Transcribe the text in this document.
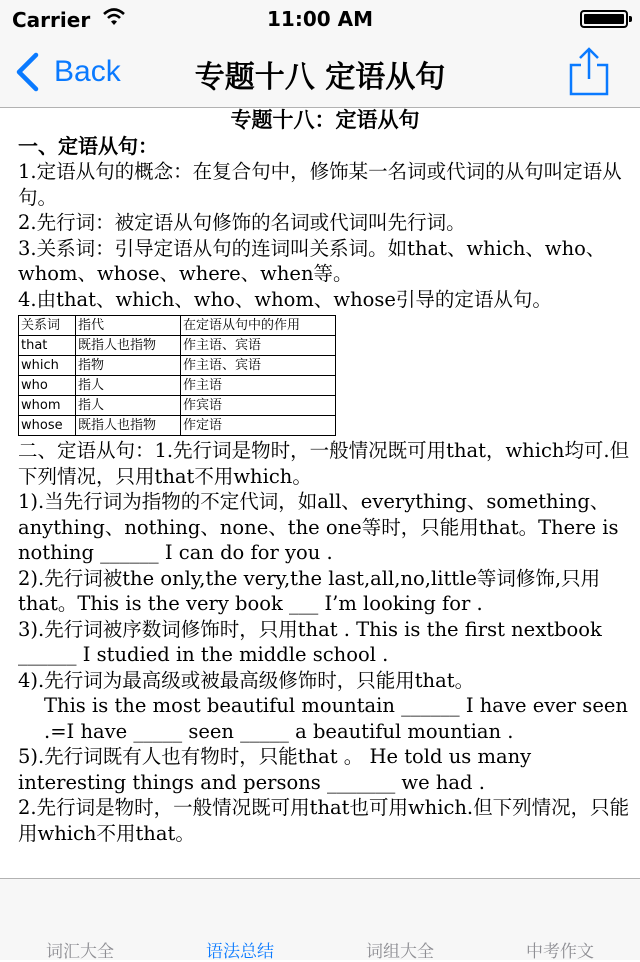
Carrier	11:00 AM
Back	专题十八 定语从句
专题十八：定语从句
一、定语从句：

1.定语从句的概念：在复合句中，修饰某一名词或代词的从句叫定语从句。

2.先行词：被定语从句修饰的名词或代词叫先行词。

3.关系词：引导定语从句的连词叫关系词。如that、which、who、whom、whose、where、when等。

4.由that、which、who、whom、whose引导的定语从句。

关系词	指代	在定语从句中的作用
that	既指人也指物	作主语、宾语
which	指物	作主语、宾语
who	指人	作主语
whom	指人	作宾语
whose	既指人也指物	作定语

二、定语从句：1.先行词是物时，一般情况既可用that，which均可.但下列情况，只用that不用which。

1).当先行词为指物的不定代词，如all、everything、something、anything、nothing、none、the one等时，只能用that。There is nothing ______ I can do for you .

2).先行词被the only,the very,the last,all,no,little等词修饰,只用that。This is the very book ___ I’m looking for .

3).先行词被序数词修饰时，只用that . This is the first nextbook ______ I studied in the middle school .

4).先行词为最高级或被最高级修饰时，只能用that。

This is the most beautiful mountain ______ I have ever seen .=I have _____ seen _____ a beautiful mountian .

5).先行词既有人也有物时，只能that 。 He told us many interesting things and persons _______ we had .

2.先行词是物时，一般情况既可用that也可用which.但下列情况，只能用which不用that。

词汇大全	语法总结	词组大全	中考作文
